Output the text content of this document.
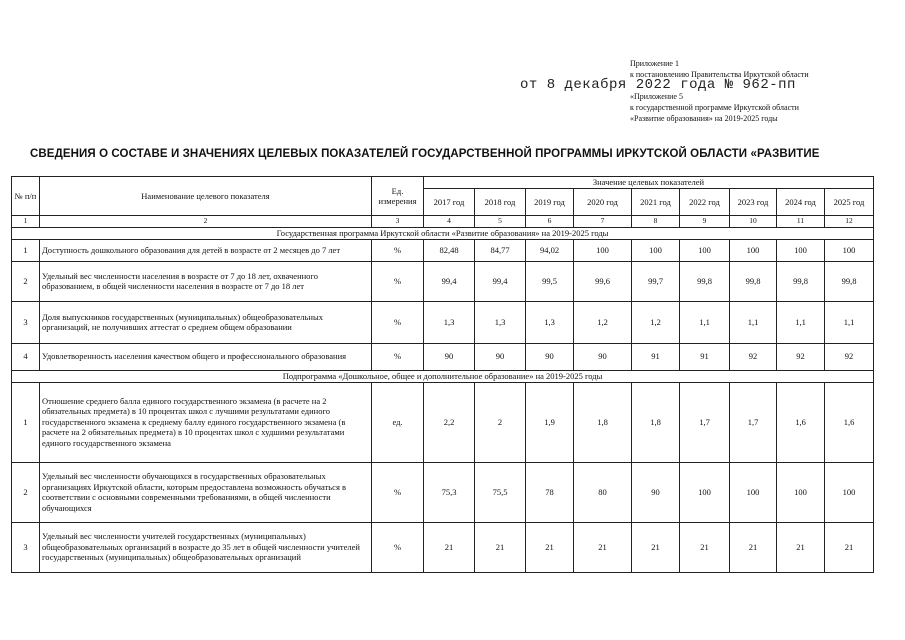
Приложение 1
к постановлению Правительства Иркутской области
«Приложение 5
к государственной программе Иркутской области
«Развитие образования» на 2019-2025 годы
от 8 декабря 2022 года № 962-пп
СВЕДЕНИЯ О СОСТАВЕ И ЗНАЧЕНИЯХ ЦЕЛЕВЫХ ПОКАЗАТЕЛЕЙ ГОСУДАРСТВЕННОЙ ПРОГРАММЫ ИРКУТСКОЙ ОБЛАСТИ «РАЗВИТИЕ
№ п/п	Наименование целевого показателя	Ед. измерения	Значение целевых показателей								
			2017 год	2018 год	2019 год	2020 год	2021 год	2022 год	2023 год	2024 год	2025 год
1	2	3	4	5	6	7	8	9	10	11	12
Государственная программа Иркутской области «Развитие образования» на 2019-2025 годы											
1	Доступность дошкольного образования для детей в возрасте от 2 месяцев до 7 лет	%	82,48	84,77	94,02	100	100	100	100	100	100
2	Удельный вес численности населения в возрасте от 7 до 18 лет, охваченного образованием, в общей численности населения в возрасте от 7 до 18 лет	%	99,4	99,4	99,5	99,6	99,7	99,8	99,8	99,8	99,8
3	Доля выпускников государственных (муниципальных) общеобразовательных организаций, не получивших аттестат о среднем общем образовании	%	1,3	1,3	1,3	1,2	1,2	1,1	1,1	1,1	1,1
4	Удовлетворенность населения качеством общего и профессионального образования	%	90	90	90	90	91	91	92	92	92
Подпрограмма «Дошкольное, общее и дополнительное образование» на 2019-2025 годы											
1	Отношение среднего балла единого государственного экзамена (в расчете на 2 обязательных предмета) в 10 процентах школ с лучшими результатами единого государственного экзамена к среднему баллу единого государственного экзамена (в расчете на 2 обязательных предмета) в 10 процентах школ с худшими результатами единого государственного экзамена	ед.	2,2	2	1,9	1,8	1,8	1,7	1,7	1,6	1,6
2	Удельный вес численности обучающихся в государственных образовательных организациях Иркутской области, которым предоставлена возможность обучаться в соответствии с основными современными требованиями, в общей численности обучающихся	%	75,3	75,5	78	80	90	100	100	100	100
3	Удельный вес численности учителей государственных (муниципальных) общеобразовательных организаций в возрасте до 35 лет в общей численности учителей государственных (муниципальных) общеобразовательных организаций	%	21	21	21	21	21	21	21	21	21
